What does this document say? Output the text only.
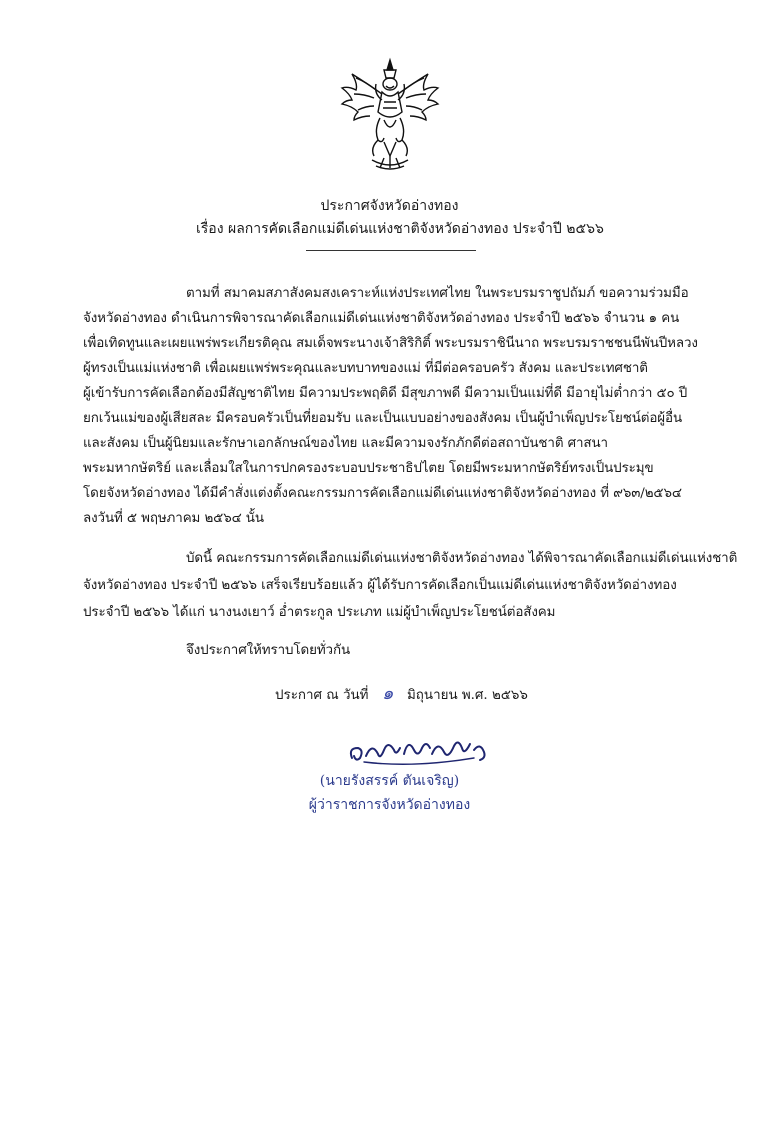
ประกาศจังหวัดอ่างทอง
เรื่อง ผลการคัดเลือกแม่ดีเด่นแห่งชาติจังหวัดอ่างทอง ประจำปี ๒๕๖๖
ตามที่ สมาคมสภาสังคมสงเคราะห์แห่งประเทศไทย ในพระบรมราชูปถัมภ์ ขอความร่วมมือ
จังหวัดอ่างทอง ดำเนินการพิจารณาคัดเลือกแม่ดีเด่นแห่งชาติจังหวัดอ่างทอง ประจำปี ๒๕๖๖ จำนวน ๑ คน
เพื่อเทิดทูนและเผยแพร่พระเกียรติคุณ สมเด็จพระนางเจ้าสิริกิติ์ พระบรมราชินีนาถ พระบรมราชชนนีพันปีหลวง
ผู้ทรงเป็นแม่แห่งชาติ เพื่อเผยแพร่พระคุณและบทบาทของแม่ ที่มีต่อครอบครัว สังคม และประเทศชาติ
ผู้เข้ารับการคัดเลือกต้องมีสัญชาติไทย มีความประพฤติดี มีสุขภาพดี มีความเป็นแม่ที่ดี มีอายุไม่ต่ำกว่า ๕๐ ปี
ยกเว้นแม่ของผู้เสียสละ มีครอบครัวเป็นที่ยอมรับ และเป็นแบบอย่างของสังคม เป็นผู้บำเพ็ญประโยชน์ต่อผู้อื่น
และสังคม เป็นผู้นิยมและรักษาเอกลักษณ์ของไทย และมีความจงรักภักดีต่อสถาบันชาติ ศาสนา
พระมหากษัตริย์ และเลื่อมใสในการปกครองระบอบประชาธิปไตย โดยมีพระมหากษัตริย์ทรงเป็นประมุข
โดยจังหวัดอ่างทอง ได้มีคำสั่งแต่งตั้งคณะกรรมการคัดเลือกแม่ดีเด่นแห่งชาติจังหวัดอ่างทอง ที่ ๙๖๓/๒๕๖๔
ลงวันที่ ๕ พฤษภาคม ๒๕๖๔ นั้น
บัดนี้ คณะกรรมการคัดเลือกแม่ดีเด่นแห่งชาติจังหวัดอ่างทอง ได้พิจารณาคัดเลือกแม่ดีเด่นแห่งชาติ
จังหวัดอ่างทอง ประจำปี ๒๕๖๖ เสร็จเรียบร้อยแล้ว ผู้ได้รับการคัดเลือกเป็นแม่ดีเด่นแห่งชาติจังหวัดอ่างทอง
ประจำปี ๒๕๖๖ ได้แก่ นางนงเยาว์ อ่ำตระกูล ประเภท แม่ผู้บำเพ็ญประโยชน์ต่อสังคม
จึงประกาศให้ทราบโดยทั่วกัน
ประกาศ ณ วันที่ ๑ มิถุนายน พ.ศ. ๒๕๖๖
(นายรังสรรค์ ตันเจริญ)
ผู้ว่าราชการจังหวัดอ่างทอง
